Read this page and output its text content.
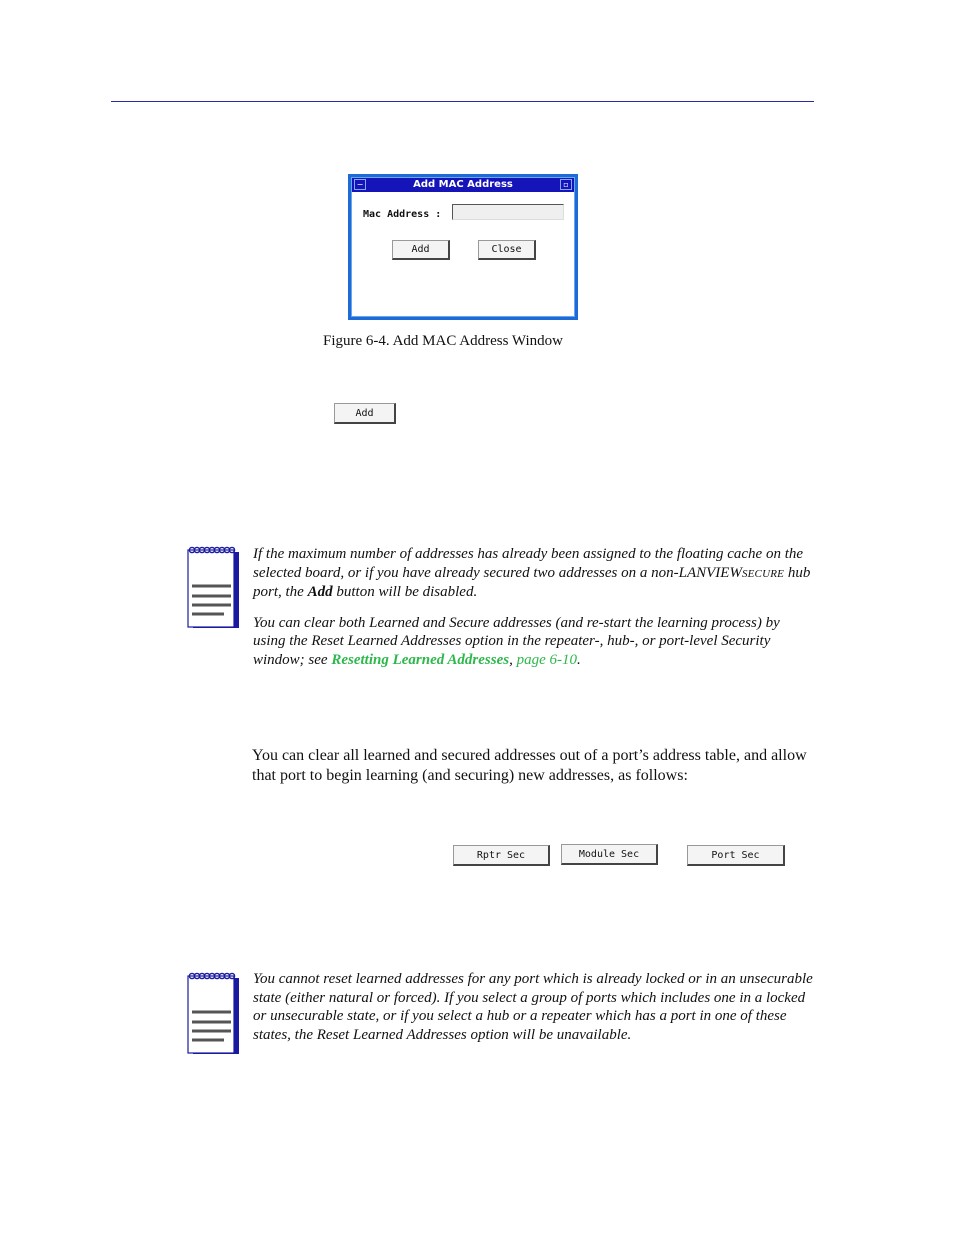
−	Add MAC Address	▫
Mac Address :
Add	Close
Figure 6-4. Add MAC Address Window
Add

If the maximum number of addresses has already been assigned to the floating cache on the selected board, or if you have already secured two addresses on a non-LANVIEWSECURE hub port, the Add button will be disabled.

You can clear both Learned and Secure addresses (and re-start the learning process) by using the Reset Learned Addresses option in the repeater-, hub-, or port-level Security window; see Resetting Learned Addresses, page 6-10.

You can clear all learned and secured addresses out of a port’s address table, and allow that port to begin learning (and securing) new addresses, as follows:
Rptr Sec	Module Sec	Port Sec

You cannot reset learned addresses for any port which is already locked or in an unsecurable state (either natural or forced). If you select a group of ports which includes one in a locked or unsecurable state, or if you select a hub or a repeater which has a port in one of these states, the Reset Learned Addresses option will be unavailable.
